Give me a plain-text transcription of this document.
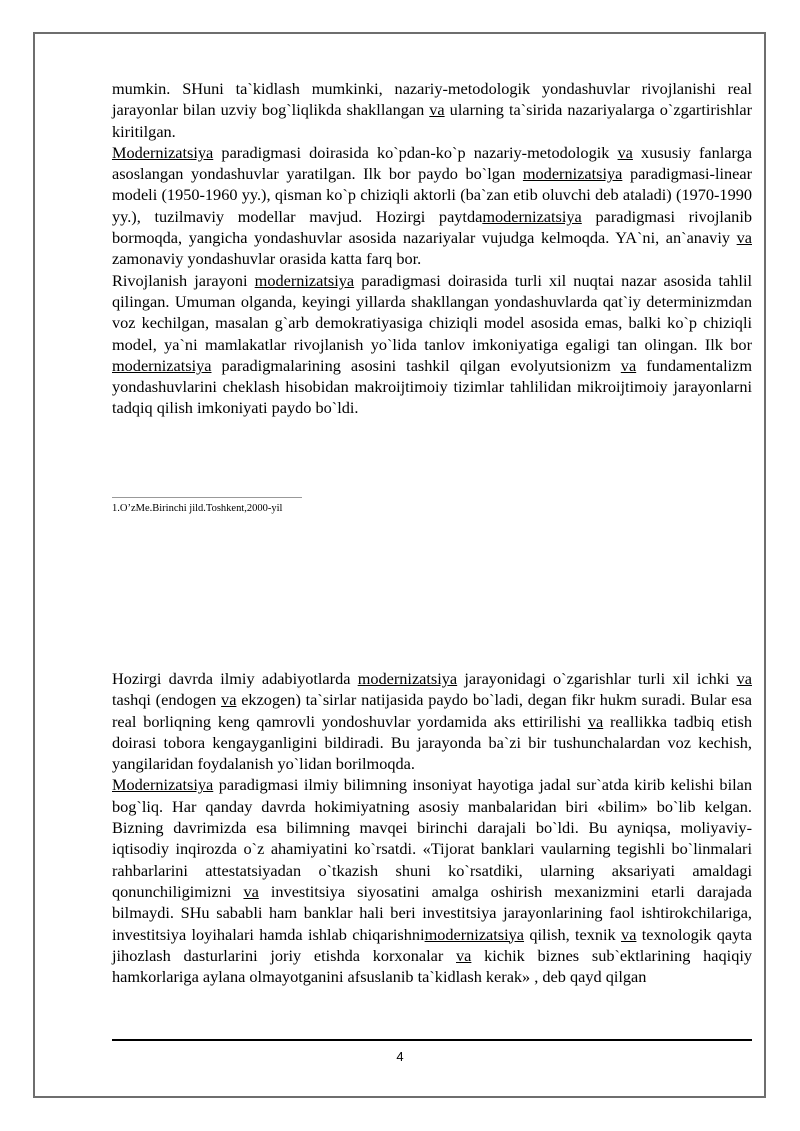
mumkin. SHuni ta`kidlash mumkinki, nazariy-metodologik yondashuvlar rivojlanishi real jarayonlar bilan uzviy bog`liqlikda shakllangan va ularning ta`sirida nazariyalarga o`zgartirishlar kiritilgan.

Modernizatsiya paradigmasi doirasida ko`pdan-ko`p nazariy-metodologik va xususiy fanlarga asoslangan yondashuvlar yaratilgan. Ilk bor paydo bo`lgan modernizatsiya paradigmasi-linear modeli (1950-1960 yy.), qisman ko`p chiziqli aktorli (ba`zan etib oluvchi deb ataladi) (1970-1990 yy.), tuzilmaviy modellar mavjud. Hozirgi paytdamodernizatsiya paradigmasi rivojlanib bormoqda, yangicha yondashuvlar asosida nazariyalar vujudga kelmoqda. YA`ni, an`anaviy va zamonaviy yondashuvlar orasida katta farq bor.

Rivojlanish jarayoni modernizatsiya paradigmasi doirasida turli xil nuqtai nazar asosida tahlil qilingan. Umuman olganda, keyingi yillarda shakllangan yondashuvlarda qat`iy determinizmdan voz kechilgan, masalan g`arb demokratiyasiga chiziqli model asosida emas, balki ko`p chiziqli model, ya`ni mamlakatlar rivojlanish yo`lida tanlov imkoniyatiga egaligi tan olingan. Ilk bor modernizatsiya paradigmalarining asosini tashkil qilgan evolyutsionizm va fundamentalizm yondashuvlarini cheklash hisobidan makroijtimoiy tizimlar tahlilidan mikroijtimoiy jarayonlarni tadqiq qilish imkoniyati paydo bo`ldi.

1.O’zMe.Birinchi jild.Toshkent,2000-yil

Hozirgi davrda ilmiy adabiyotlarda modernizatsiya jarayonidagi o`zgarishlar turli xil ichki va tashqi (endogen va ekzogen) ta`sirlar natijasida paydo bo`ladi, degan fikr hukm suradi. Bular esa real borliqning keng qamrovli yondoshuvlar yordamida aks ettirilishi va reallikka tadbiq etish doirasi tobora kengayganligini bildiradi. Bu jarayonda ba`zi bir tushunchalardan voz kechish, yangilaridan foydalanish yo`lidan borilmoqda.

Modernizatsiya paradigmasi ilmiy bilimning insoniyat hayotiga jadal sur`atda kirib kelishi bilan bog`liq. Har qanday davrda hokimiyatning asosiy manbalaridan biri «bilim» bo`lib kelgan. Bizning davrimizda esa bilimning mavqei birinchi darajali bo`ldi. Bu ayniqsa, moliyaviy-iqtisodiy inqirozda o`z ahamiyatini ko`rsatdi. «Tijorat banklari vaularning tegishli bo`linmalari rahbarlarini attestatsiyadan o`tkazish shuni ko`rsatdiki, ularning aksariyati amaldagi qonunchiligimizni va investitsiya siyosatini amalga oshirish mexanizmini etarli darajada bilmaydi. SHu sababli ham banklar hali beri investitsiya jarayonlarining faol ishtirokchilariga, investitsiya loyihalari hamda ishlab chiqarishnimodernizatsiya qilish, texnik va texnologik qayta jihozlash dasturlarini joriy etishda korxonalar va kichik biznes sub`ektlarining haqiqiy hamkorlariga aylana olmayotganini afsuslanib ta`kidlash kerak» , deb qayd qilgan

4
